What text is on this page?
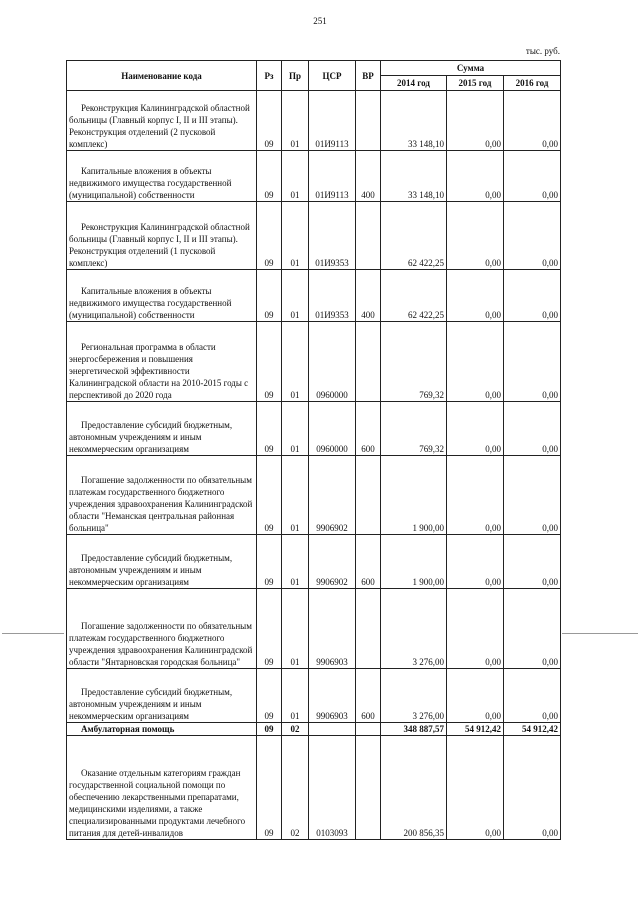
251
тыс. руб.
Наименование кода	Рз	Пр	ЦСР	ВР	Сумма		
					2014 год	2015 год	2016 год
Реконструкция Калининградской областной больницы (Главный корпус I, II и III этапы). Реконструкция отделений (2 пусковой комплекс)	09	01	01И9113		33 148,10	0,00	0,00
Капитальные вложения в объекты недвижимого имущества государственной (муниципальной) собственности	09	01	01И9113	400	33 148,10	0,00	0,00
Реконструкция Калининградской областной больницы (Главный корпус I, II и III этапы). Реконструкция отделений (1 пусковой комплекс)	09	01	01И9353		62 422,25	0,00	0,00
Капитальные вложения в объекты недвижимого имущества государственной (муниципальной) собственности	09	01	01И9353	400	62 422,25	0,00	0,00
Региональная программа в области энергосбережения и повышения энергетической эффективности Калининградской области на 2010-2015 годы с перспективой до 2020 года	09	01	0960000		769,32	0,00	0,00
Предоставление субсидий бюджетным, автономным учреждениям и иным некоммерческим организациям	09	01	0960000	600	769,32	0,00	0,00
Погашение задолженности по обязательным платежам государственного бюджетного учреждения здравоохранения Калининградской области "Неманская центральная районная больница"	09	01	9906902		1 900,00	0,00	0,00
Предоставление субсидий бюджетным, автономным учреждениям и иным некоммерческим организациям	09	01	9906902	600	1 900,00	0,00	0,00
Погашение задолженности по обязательным платежам государственного бюджетного учреждения здравоохранения Калининградской области "Янтарновская городская больница"	09	01	9906903		3 276,00	0,00	0,00
Предоставление субсидий бюджетным, автономным учреждениям и иным некоммерческим организациям	09	01	9906903	600	3 276,00	0,00	0,00
Амбулаторная помощь	09	02			348 887,57	54 912,42	54 912,42
Оказание отдельным категориям граждан государственной социальной помощи по обеспечению лекарственными препаратами, медицинскими изделиями, а также специализированными продуктами лечебного питания для детей-инвалидов	09	02	0103093		200 856,35	0,00	0,00
